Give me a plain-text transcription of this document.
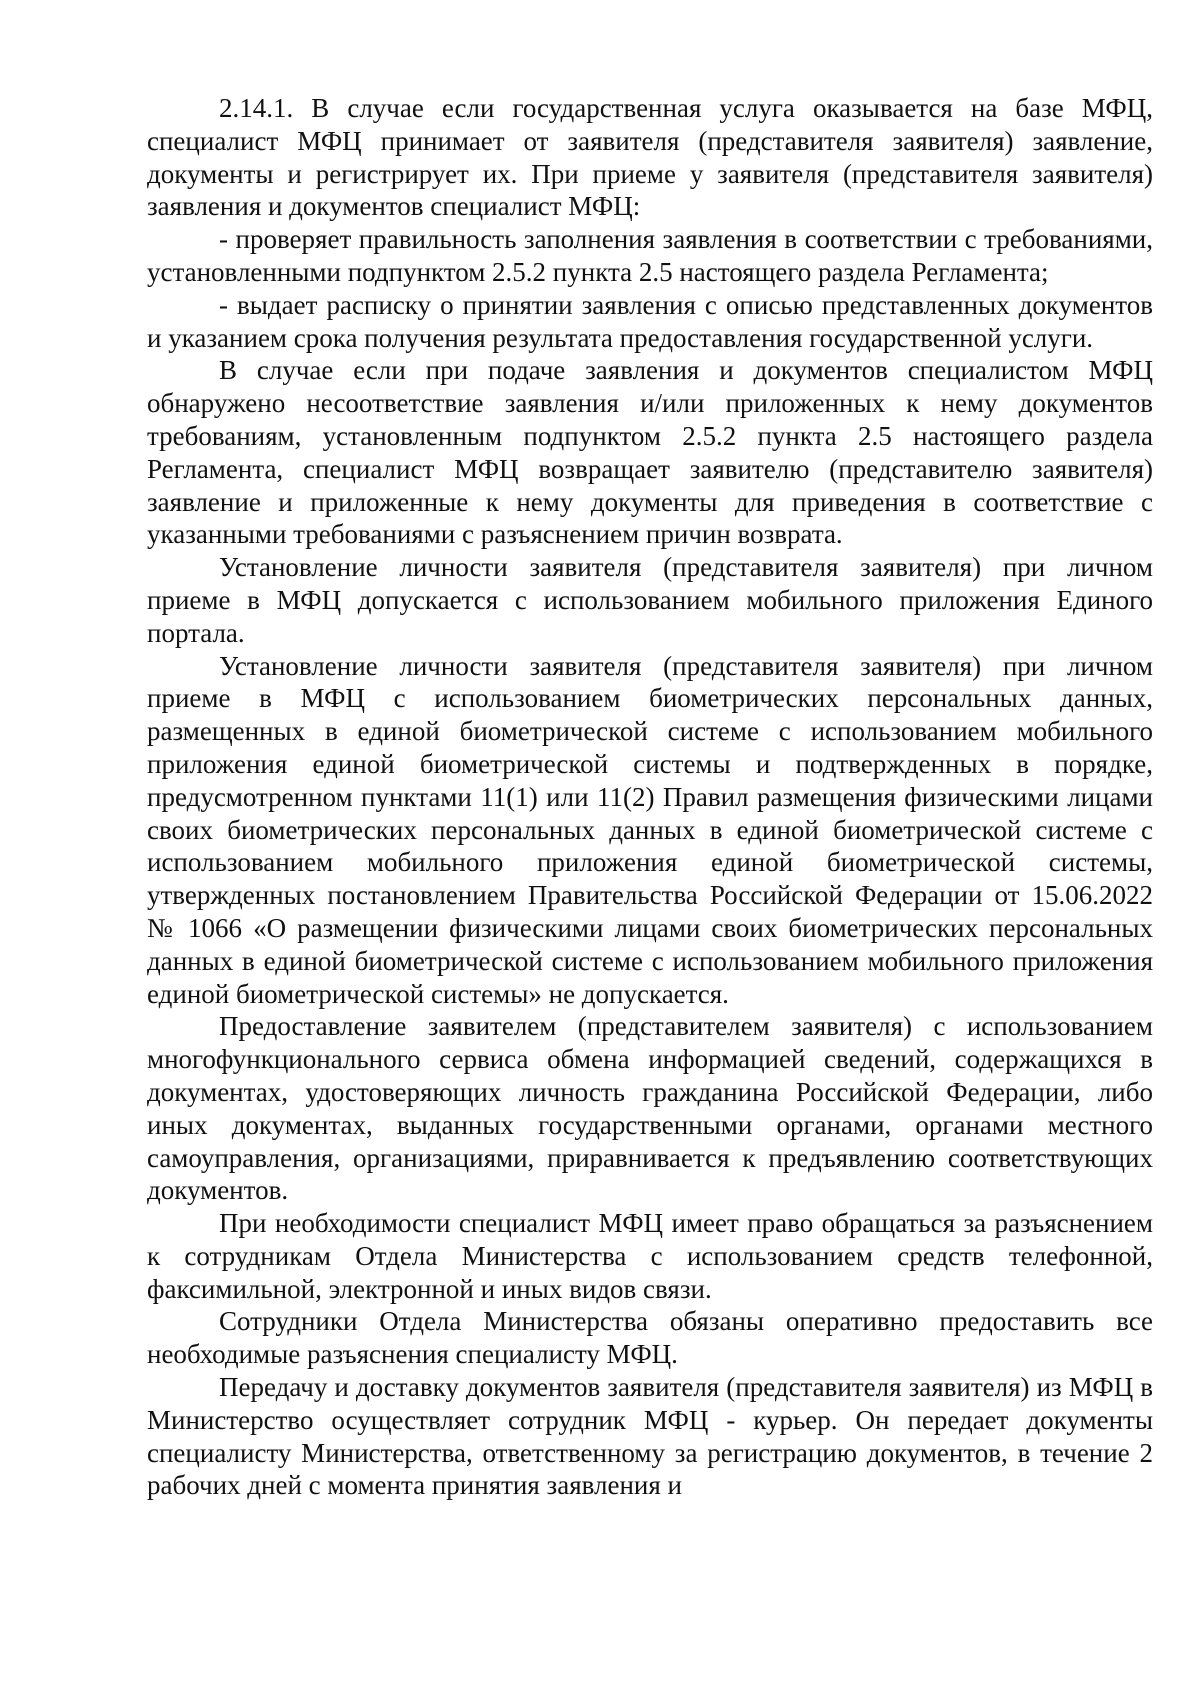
2.14.1. В случае если государственная услуга оказывается на базе МФЦ, специалист МФЦ принимает от заявителя (представителя заявителя) заявление, документы и регистрирует их. При приеме у заявителя (представителя заявителя) заявления и документов специалист МФЦ:

- проверяет правильность заполнения заявления в соответствии с требованиями, установленными подпунктом 2.5.2 пункта 2.5 настоящего раздела Регламента;

- выдает расписку о принятии заявления с описью представленных документов и указанием срока получения результата предоставления государственной услуги.

В случае если при подаче заявления и документов специалистом МФЦ обнаружено несоответствие заявления и/или приложенных к нему документов требованиям, установленным подпунктом 2.5.2 пункта 2.5 настоящего раздела Регламента, специалист МФЦ возвращает заявителю (представителю заявителя) заявление и приложенные к нему документы для приведения в соответствие с указанными требованиями с разъяснением причин возврата.

Установление личности заявителя (представителя заявителя) при личном приеме в МФЦ допускается с использованием мобильного приложения Единого портала.

Установление личности заявителя (представителя заявителя) при личном приеме в МФЦ с использованием биометрических персональных данных, размещенных в единой биометрической системе с использованием мобильного приложения единой биометрической системы и подтвержденных в порядке, предусмотренном пунктами 11(1) или 11(2) Правил размещения физическими лицами своих биометрических персональных данных в единой биометрической системе с использованием мобильного приложения единой биометрической системы, утвержденных постановлением Правительства Российской Федерации от 15.06.2022 № 1066 «О размещении физическими лицами своих биометрических персональных данных в единой биометрической системе с использованием мобильного приложения единой биометрической системы» не допускается.

Предоставление заявителем (представителем заявителя) с использованием многофункционального сервиса обмена информацией сведений, содержащихся в документах, удостоверяющих личность гражданина Российской Федерации, либо иных документах, выданных государственными органами, органами местного самоуправления, организациями, приравнивается к предъявлению соответствующих документов.

При необходимости специалист МФЦ имеет право обращаться за разъяснением к сотрудникам Отдела Министерства с использованием средств телефонной, факсимильной, электронной и иных видов связи.

Сотрудники Отдела Министерства обязаны оперативно предоставить все необходимые разъяснения специалисту МФЦ.

Передачу и доставку документов заявителя (представителя заявителя) из МФЦ в Министерство осуществляет сотрудник МФЦ - курьер. Он передает документы специалисту Министерства, ответственному за регистрацию документов, в течение 2 рабочих дней с момента принятия заявления и
